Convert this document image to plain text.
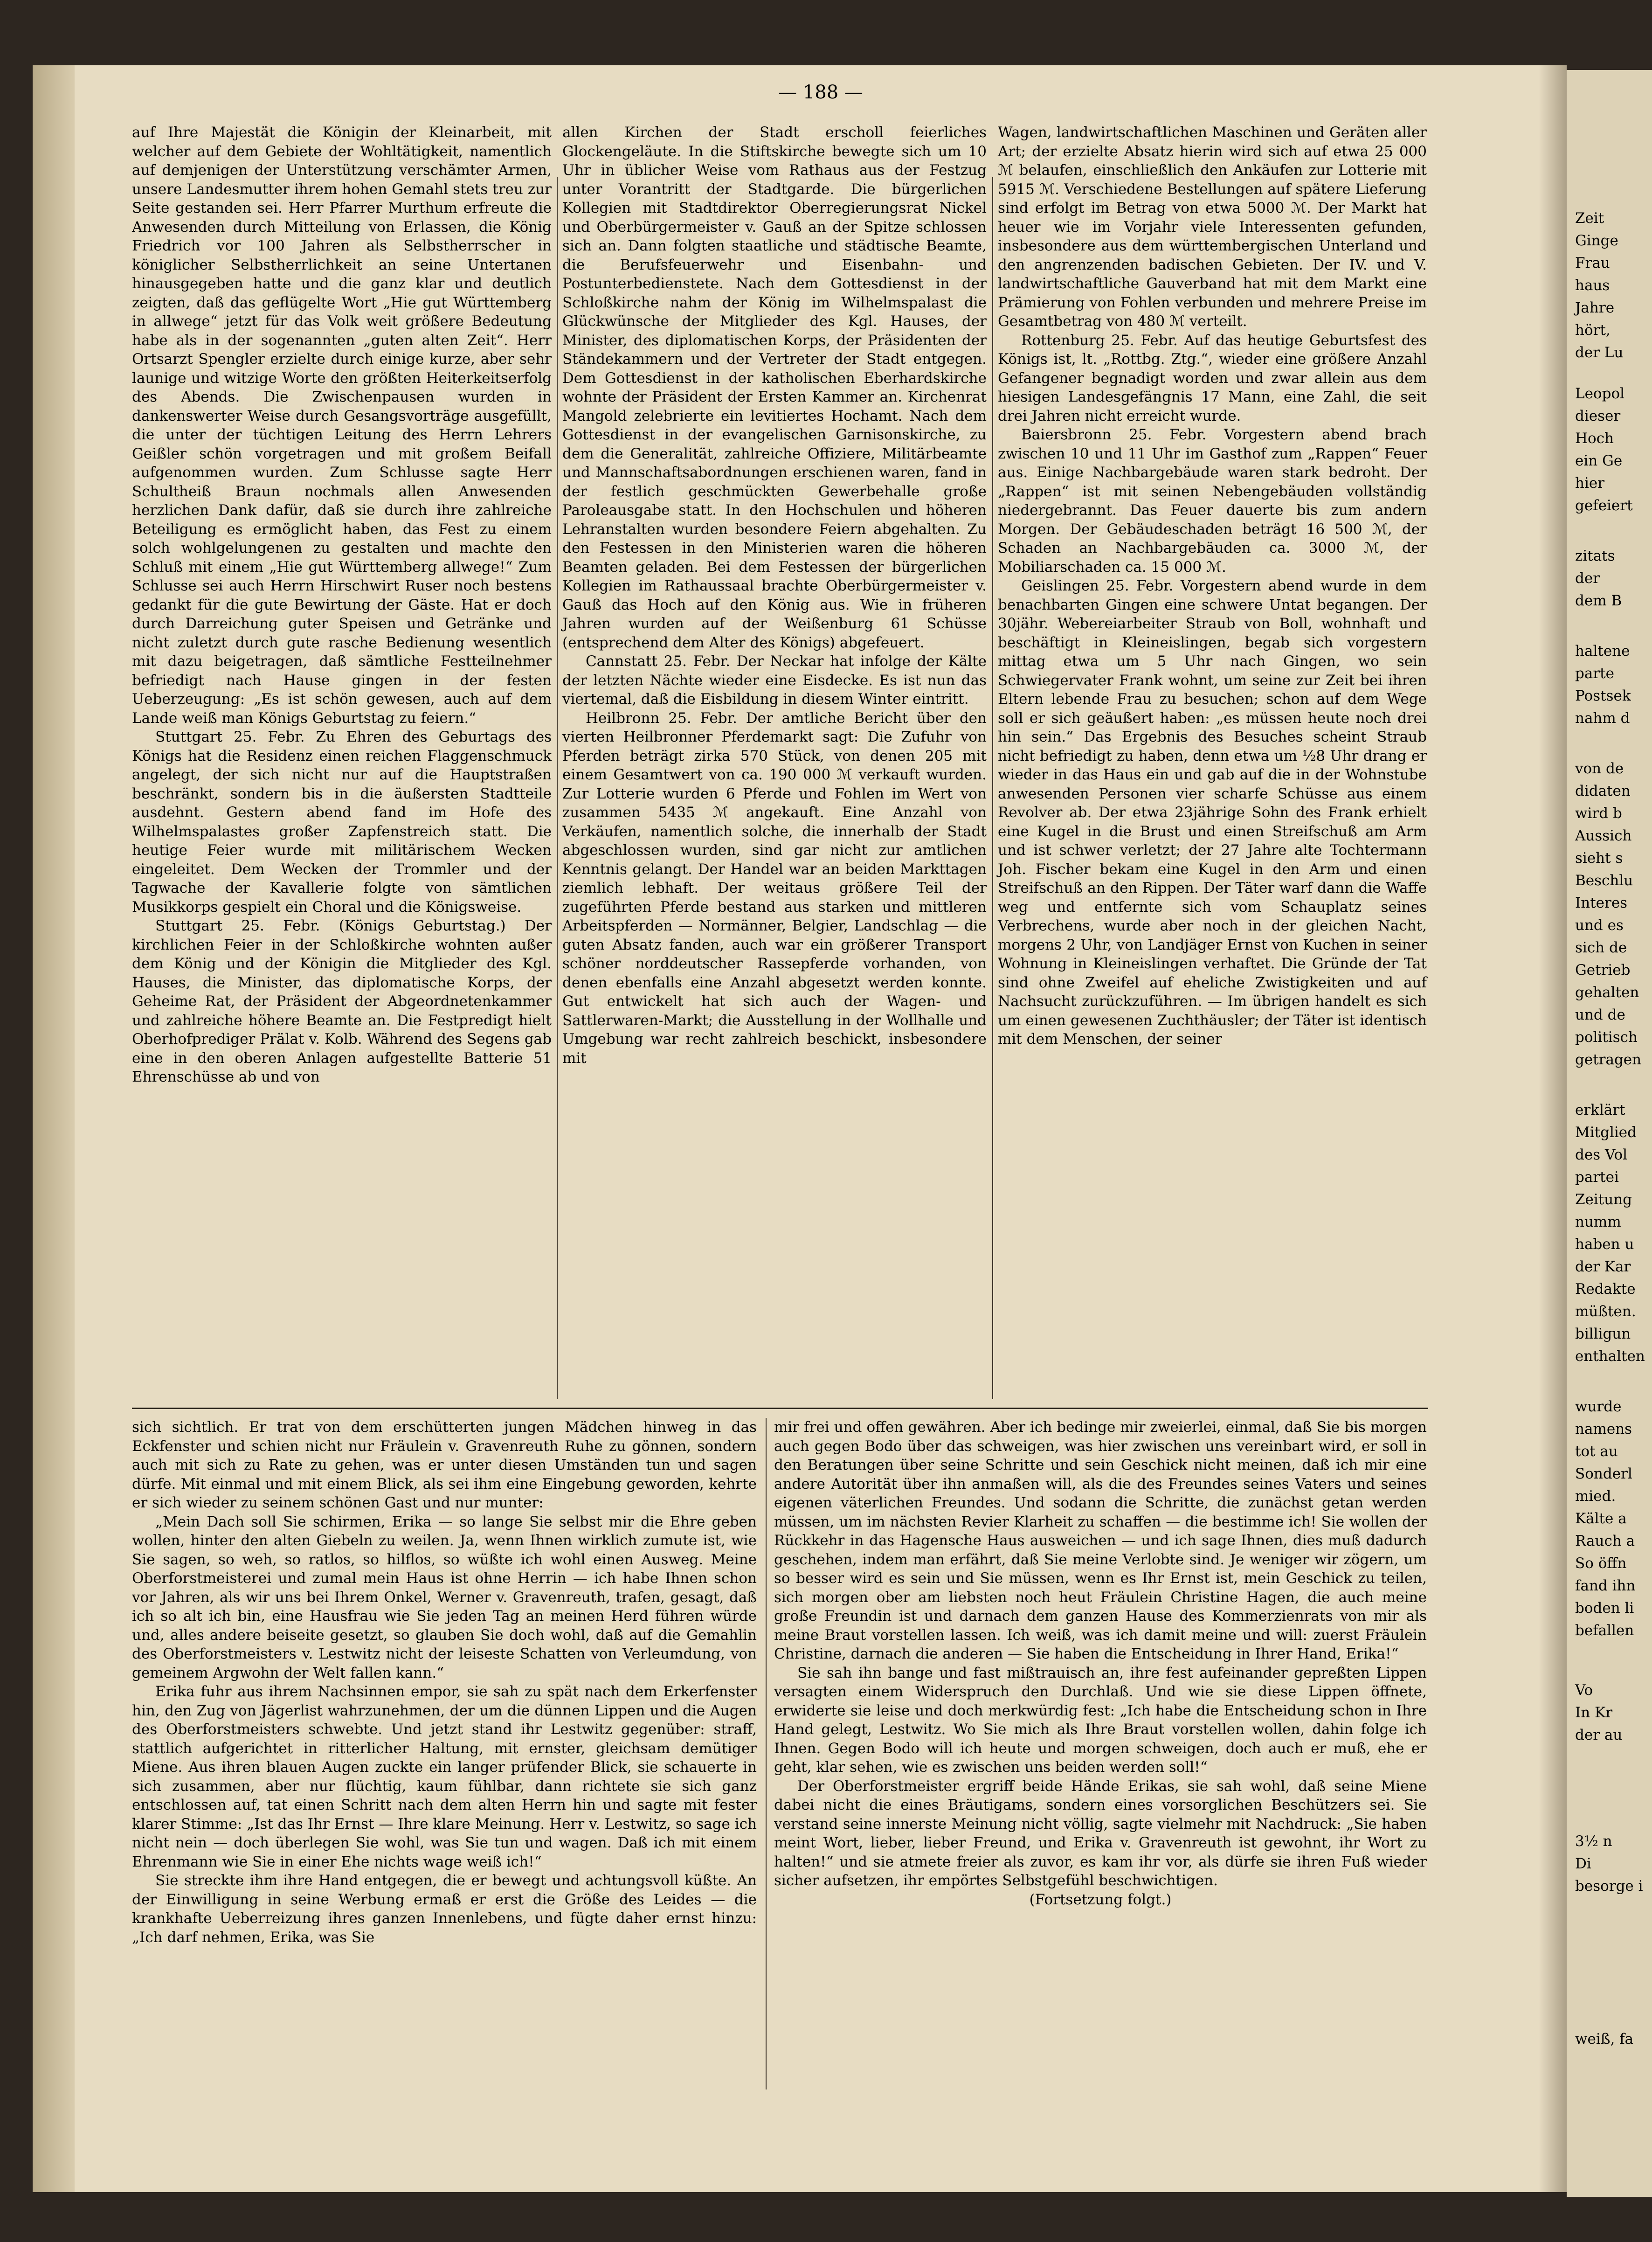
— 188 —

auf Ihre Majestät die Königin der Kleinarbeit, mit welcher auf dem Gebiete der Wohltätigkeit, namentlich auf demjenigen der Unterstützung verschämter Armen, unsere Landesmutter ihrem hohen Gemahl stets treu zur Seite gestanden sei. Herr Pfarrer Murthum erfreute die Anwesenden durch Mitteilung von Erlassen, die König Friedrich vor 100 Jahren als Selbstherrscher in königlicher Selbstherrlichkeit an seine Untertanen hinausgegeben hatte und die ganz klar und deutlich zeigten, daß das geflügelte Wort „Hie gut Württemberg in allwege“ jetzt für das Volk weit größere Bedeutung habe als in der sogenannten „guten alten Zeit“. Herr Ortsarzt Spengler erzielte durch einige kurze, aber sehr launige und witzige Worte den größten Heiterkeitserfolg des Abends. Die Zwischenpausen wurden in dankenswerter Weise durch Gesangsvorträge ausgefüllt, die unter der tüchtigen Leitung des Herrn Lehrers Geißler schön vorgetragen und mit großem Beifall aufgenommen wurden. Zum Schlusse sagte Herr Schultheiß Braun nochmals allen Anwesenden herzlichen Dank dafür, daß sie durch ihre zahlreiche Beteiligung es ermöglicht haben, das Fest zu einem solch wohlgelungenen zu gestalten und machte den Schluß mit einem „Hie gut Württemberg allwege!“ Zum Schlusse sei auch Herrn Hirschwirt Ruser noch bestens gedankt für die gute Bewirtung der Gäste. Hat er doch durch Darreichung guter Speisen und Getränke und nicht zuletzt durch gute rasche Bedienung wesentlich mit dazu beigetragen, daß sämtliche Festteilnehmer befriedigt nach Hause gingen in der festen Ueberzeugung: „Es ist schön gewesen, auch auf dem Lande weiß man Königs Geburtstag zu feiern.“

Stuttgart 25. Febr. Zu Ehren des Geburtags des Königs hat die Residenz einen reichen Flaggenschmuck angelegt, der sich nicht nur auf die Hauptstraßen beschränkt, sondern bis in die äußersten Stadtteile ausdehnt. Gestern abend fand im Hofe des Wilhelmspalastes großer Zapfenstreich statt. Die heutige Feier wurde mit militärischem Wecken eingeleitet. Dem Wecken der Trommler und der Tagwache der Kavallerie folgte von sämtlichen Musikkorps gespielt ein Choral und die Königsweise.

Stuttgart 25. Febr. (Königs Geburtstag.) Der kirchlichen Feier in der Schloßkirche wohnten außer dem König und der Königin die Mitglieder des Kgl. Hauses, die Minister, das diplomatische Korps, der Geheime Rat, der Präsident der Abgeordnetenkammer und zahlreiche höhere Beamte an. Die Festpredigt hielt Oberhofprediger Prälat v. Kolb. Während des Segens gab eine in den oberen Anlagen aufgestellte Batterie 51 Ehrenschüsse ab und von

allen Kirchen der Stadt erscholl feierliches Glockengeläute. In die Stiftskirche bewegte sich um 10 Uhr in üblicher Weise vom Rathaus aus der Festzug unter Vorantritt der Stadtgarde. Die bürgerlichen Kollegien mit Stadtdirektor Oberregierungsrat Nickel und Oberbürgermeister v. Gauß an der Spitze schlossen sich an. Dann folgten staatliche und städtische Beamte, die Berufsfeuerwehr und Eisenbahn- und Postunterbedienstete. Nach dem Gottesdienst in der Schloßkirche nahm der König im Wilhelmspalast die Glückwünsche der Mitglieder des Kgl. Hauses, der Minister, des diplomatischen Korps, der Präsidenten der Ständekammern und der Vertreter der Stadt entgegen. Dem Gottesdienst in der katholischen Eberhardskirche wohnte der Präsident der Ersten Kammer an. Kirchenrat Mangold zelebrierte ein levitiertes Hochamt. Nach dem Gottesdienst in der evangelischen Garnisonskirche, zu dem die Generalität, zahlreiche Offiziere, Militärbeamte und Mannschaftsabordnungen erschienen waren, fand in der festlich geschmückten Gewerbehalle große Paroleausgabe statt. In den Hochschulen und höheren Lehranstalten wurden besondere Feiern abgehalten. Zu den Festessen in den Ministerien waren die höheren Beamten geladen. Bei dem Festessen der bürgerlichen Kollegien im Rathaussaal brachte Oberbürgermeister v. Gauß das Hoch auf den König aus. Wie in früheren Jahren wurden auf der Weißenburg 61 Schüsse (entsprechend dem Alter des Königs) abgefeuert.

Cannstatt 25. Febr. Der Neckar hat infolge der Kälte der letzten Nächte wieder eine Eisdecke. Es ist nun das viertemal, daß die Eisbildung in diesem Winter eintritt.

Heilbronn 25. Febr. Der amtliche Bericht über den vierten Heilbronner Pferdemarkt sagt: Die Zufuhr von Pferden beträgt zirka 570 Stück, von denen 205 mit einem Gesamtwert von ca. 190 000 ℳ verkauft wurden. Zur Lotterie wurden 6 Pferde und Fohlen im Wert von zusammen 5435 ℳ angekauft. Eine Anzahl von Verkäufen, namentlich solche, die innerhalb der Stadt abgeschlossen wurden, sind gar nicht zur amtlichen Kenntnis gelangt. Der Handel war an beiden Markttagen ziemlich lebhaft. Der weitaus größere Teil der zugeführten Pferde bestand aus starken und mittleren Arbeitspferden — Normänner, Belgier, Landschlag — die guten Absatz fanden, auch war ein größerer Transport schöner norddeutscher Rassepferde vorhanden, von denen ebenfalls eine Anzahl abgesetzt werden konnte. Gut entwickelt hat sich auch der Wagen- und Sattlerwaren-Markt; die Ausstellung in der Wollhalle und Umgebung war recht zahlreich beschickt, insbesondere mit

Wagen, landwirtschaftlichen Maschinen und Geräten aller Art; der erzielte Absatz hierin wird sich auf etwa 25 000 ℳ belaufen, einschließlich den Ankäufen zur Lotterie mit 5915 ℳ. Verschiedene Bestellungen auf spätere Lieferung sind erfolgt im Betrag von etwa 5000 ℳ. Der Markt hat heuer wie im Vorjahr viele Interessenten gefunden, insbesondere aus dem württembergischen Unterland und den angrenzenden badischen Gebieten. Der IV. und V. landwirtschaftliche Gauverband hat mit dem Markt eine Prämierung von Fohlen verbunden und mehrere Preise im Gesamtbetrag von 480 ℳ verteilt.

Rottenburg 25. Febr. Auf das heutige Geburtsfest des Königs ist, lt. „Rottbg. Ztg.“, wieder eine größere Anzahl Gefangener begnadigt worden und zwar allein aus dem hiesigen Landesgefängnis 17 Mann, eine Zahl, die seit drei Jahren nicht erreicht wurde.

Baiersbronn 25. Febr. Vorgestern abend brach zwischen 10 und 11 Uhr im Gasthof zum „Rappen“ Feuer aus. Einige Nachbargebäude waren stark bedroht. Der „Rappen“ ist mit seinen Nebengebäuden vollständig niedergebrannt. Das Feuer dauerte bis zum andern Morgen. Der Gebäudeschaden beträgt 16 500 ℳ, der Schaden an Nachbargebäuden ca. 3000 ℳ, der Mobiliarschaden ca. 15 000 ℳ.

Geislingen 25. Febr. Vorgestern abend wurde in dem benachbarten Gingen eine schwere Untat begangen. Der 30jähr. Webereiarbeiter Straub von Boll, wohnhaft und beschäftigt in Kleineislingen, begab sich vorgestern mittag etwa um 5 Uhr nach Gingen, wo sein Schwiegervater Frank wohnt, um seine zur Zeit bei ihren Eltern lebende Frau zu besuchen; schon auf dem Wege soll er sich geäußert haben: „es müssen heute noch drei hin sein.“ Das Ergebnis des Besuches scheint Straub nicht befriedigt zu haben, denn etwa um ½8 Uhr drang er wieder in das Haus ein und gab auf die in der Wohnstube anwesenden Personen vier scharfe Schüsse aus einem Revolver ab. Der etwa 23jährige Sohn des Frank erhielt eine Kugel in die Brust und einen Streifschuß am Arm und ist schwer verletzt; der 27 Jahre alte Tochtermann Joh. Fischer bekam eine Kugel in den Arm und einen Streifschuß an den Rippen. Der Täter warf dann die Waffe weg und entfernte sich vom Schauplatz seines Verbrechens, wurde aber noch in der gleichen Nacht, morgens 2 Uhr, von Landjäger Ernst von Kuchen in seiner Wohnung in Kleineislingen verhaftet. Die Gründe der Tat sind ohne Zweifel auf eheliche Zwistigkeiten und auf Nachsucht zurückzuführen. — Im übrigen handelt es sich um einen gewesenen Zuchthäusler; der Täter ist identisch mit dem Menschen, der seiner

sich sichtlich. Er trat von dem erschütterten jungen Mädchen hinweg in das Eckfenster und schien nicht nur Fräulein v. Gravenreuth Ruhe zu gönnen, sondern auch mit sich zu Rate zu gehen, was er unter diesen Umständen tun und sagen dürfe. Mit einmal und mit einem Blick, als sei ihm eine Eingebung geworden, kehrte er sich wieder zu seinem schönen Gast und nur munter:

„Mein Dach soll Sie schirmen, Erika — so lange Sie selbst mir die Ehre geben wollen, hinter den alten Giebeln zu weilen. Ja, wenn Ihnen wirklich zumute ist, wie Sie sagen, so weh, so ratlos, so hilflos, so wüßte ich wohl einen Ausweg. Meine Oberforstmeisterei und zumal mein Haus ist ohne Herrin — ich habe Ihnen schon vor Jahren, als wir uns bei Ihrem Onkel, Werner v. Gravenreuth, trafen, gesagt, daß ich so alt ich bin, eine Hausfrau wie Sie jeden Tag an meinen Herd führen würde und, alles andere beiseite gesetzt, so glauben Sie doch wohl, daß auf die Gemahlin des Oberforstmeisters v. Lestwitz nicht der leiseste Schatten von Verleumdung, von gemeinem Argwohn der Welt fallen kann.“

Erika fuhr aus ihrem Nachsinnen empor, sie sah zu spät nach dem Erkerfenster hin, den Zug von Jägerlist wahrzunehmen, der um die dünnen Lippen und die Augen des Oberforstmeisters schwebte. Und jetzt stand ihr Lestwitz gegenüber: straff, stattlich aufgerichtet in ritterlicher Haltung, mit ernster, gleichsam demütiger Miene. Aus ihren blauen Augen zuckte ein langer prüfender Blick, sie schauerte in sich zusammen, aber nur flüchtig, kaum fühlbar, dann richtete sie sich ganz entschlossen auf, tat einen Schritt nach dem alten Herrn hin und sagte mit fester klarer Stimme: „Ist das Ihr Ernst — Ihre klare Meinung. Herr v. Lestwitz, so sage ich nicht nein — doch überlegen Sie wohl, was Sie tun und wagen. Daß ich mit einem Ehrenmann wie Sie in einer Ehe nichts wage weiß ich!“

Sie streckte ihm ihre Hand entgegen, die er bewegt und achtungsvoll küßte. An der Einwilligung in seine Werbung ermaß er erst die Größe des Leides — die krankhafte Ueberreizung ihres ganzen Innenlebens, und fügte daher ernst hinzu: „Ich darf nehmen, Erika, was Sie

mir frei und offen gewähren. Aber ich bedinge mir zweierlei, einmal, daß Sie bis morgen auch gegen Bodo über das schweigen, was hier zwischen uns vereinbart wird, er soll in den Beratungen über seine Schritte und sein Geschick nicht meinen, daß ich mir eine andere Autorität über ihn anmaßen will, als die des Freundes seines Vaters und seines eigenen väterlichen Freundes. Und sodann die Schritte, die zunächst getan werden müssen, um im nächsten Revier Klarheit zu schaffen — die bestimme ich! Sie wollen der Rückkehr in das Hagensche Haus ausweichen — und ich sage Ihnen, dies muß dadurch geschehen, indem man erfährt, daß Sie meine Verlobte sind. Je weniger wir zögern, um so besser wird es sein und Sie müssen, wenn es Ihr Ernst ist, mein Geschick zu teilen, sich morgen ober am liebsten noch heut Fräulein Christine Hagen, die auch meine große Freundin ist und darnach dem ganzen Hause des Kommerzienrats von mir als meine Braut vorstellen lassen. Ich weiß, was ich damit meine und will: zuerst Fräulein Christine, darnach die anderen — Sie haben die Entscheidung in Ihrer Hand, Erika!“

Sie sah ihn bange und fast mißtrauisch an, ihre fest aufeinander gepreßten Lippen versagten einem Widerspruch den Durchlaß. Und wie sie diese Lippen öffnete, erwiderte sie leise und doch merkwürdig fest: „Ich habe die Entscheidung schon in Ihre Hand gelegt, Lestwitz. Wo Sie mich als Ihre Braut vorstellen wollen, dahin folge ich Ihnen. Gegen Bodo will ich heute und morgen schweigen, doch auch er muß, ehe er geht, klar sehen, wie es zwischen uns beiden werden soll!“

Der Oberforstmeister ergriff beide Hände Erikas, sie sah wohl, daß seine Miene dabei nicht die eines Bräutigams, sondern eines vorsorglichen Beschützers sei. Sie verstand seine innerste Meinung nicht völlig, sagte vielmehr mit Nachdruck: „Sie haben meint Wort, lieber, lieber Freund, und Erika v. Gravenreuth ist gewohnt, ihr Wort zu halten!“ und sie atmete freier als zuvor, es kam ihr vor, als dürfe sie ihren Fuß wieder sicher aufsetzen, ihr empörtes Selbstgefühl beschwichtigen.

(Fortsetzung folgt.)

Zeit
Ginge
Frau
haus
Jahre
hört,
der Lu
Leopol
dieser
Hoch
ein Ge
hier
gefeiert
zitats
der
dem B
haltene
parte
Postsek
nahm d
von de
didaten
wird b
Aussich
sieht s
Beschlu
Interes
und es
sich de
Getrieb
gehalten
und de
politisch
getragen
erklärt
Mitglied
des Vol
partei
Zeitung
numm
haben u
der Kar
Redakte
müßten.
billigun
enthalten
wurde
namens
tot au
Sonderl
mied.
Kälte a
Rauch a
So öffn
fand ihn
boden li
befallen
Vo
In Kr
der au
3½ n
Di
besorge i
weiß, fa
